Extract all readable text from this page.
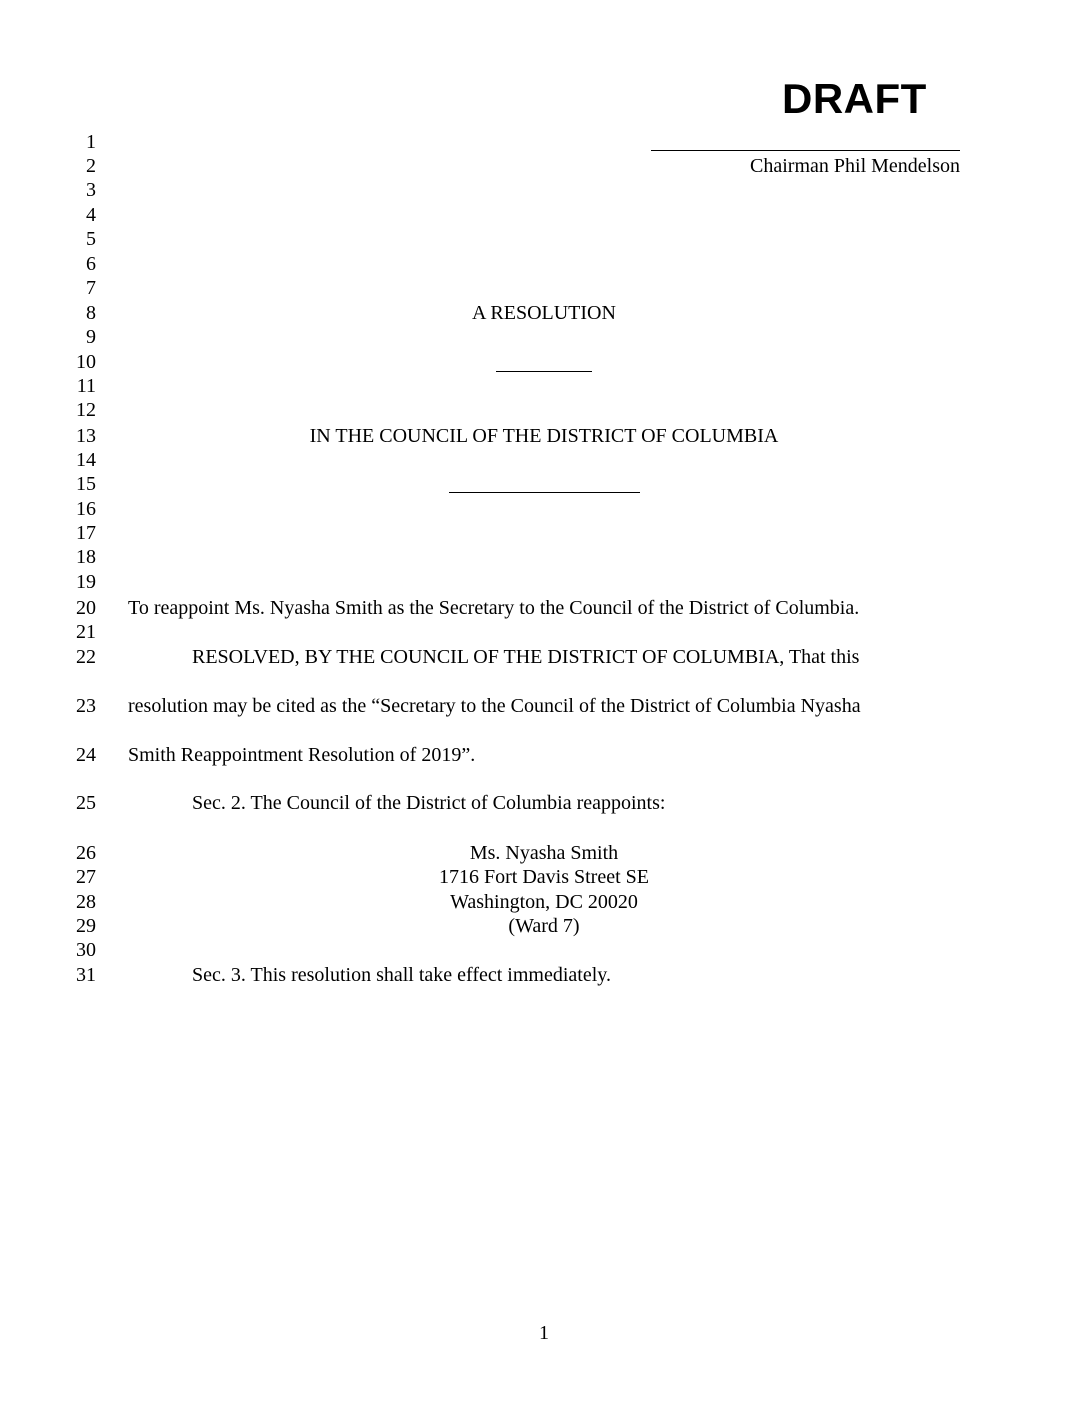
DRAFT
Chairman Phil Mendelson
1
2
3
4
5
6
7
8
9
10
11
12
13
14
15
16
17
18
19
20
21
22
23
24
25
26
27
28
29
30
31
A RESOLUTION
IN THE COUNCIL OF THE DISTRICT OF COLUMBIA
To reappoint Ms. Nyasha Smith as the Secretary to the Council of the District of Columbia.
RESOLVED, BY THE COUNCIL OF THE DISTRICT OF COLUMBIA, That this
resolution may be cited as the “Secretary to the Council of the District of Columbia Nyasha
Smith Reappointment Resolution of 2019”.
Sec. 2. The Council of the District of Columbia reappoints:
Ms. Nyasha Smith
1716 Fort Davis Street SE
Washington, DC 20020
(Ward 7)
Sec. 3. This resolution shall take effect immediately.
1
